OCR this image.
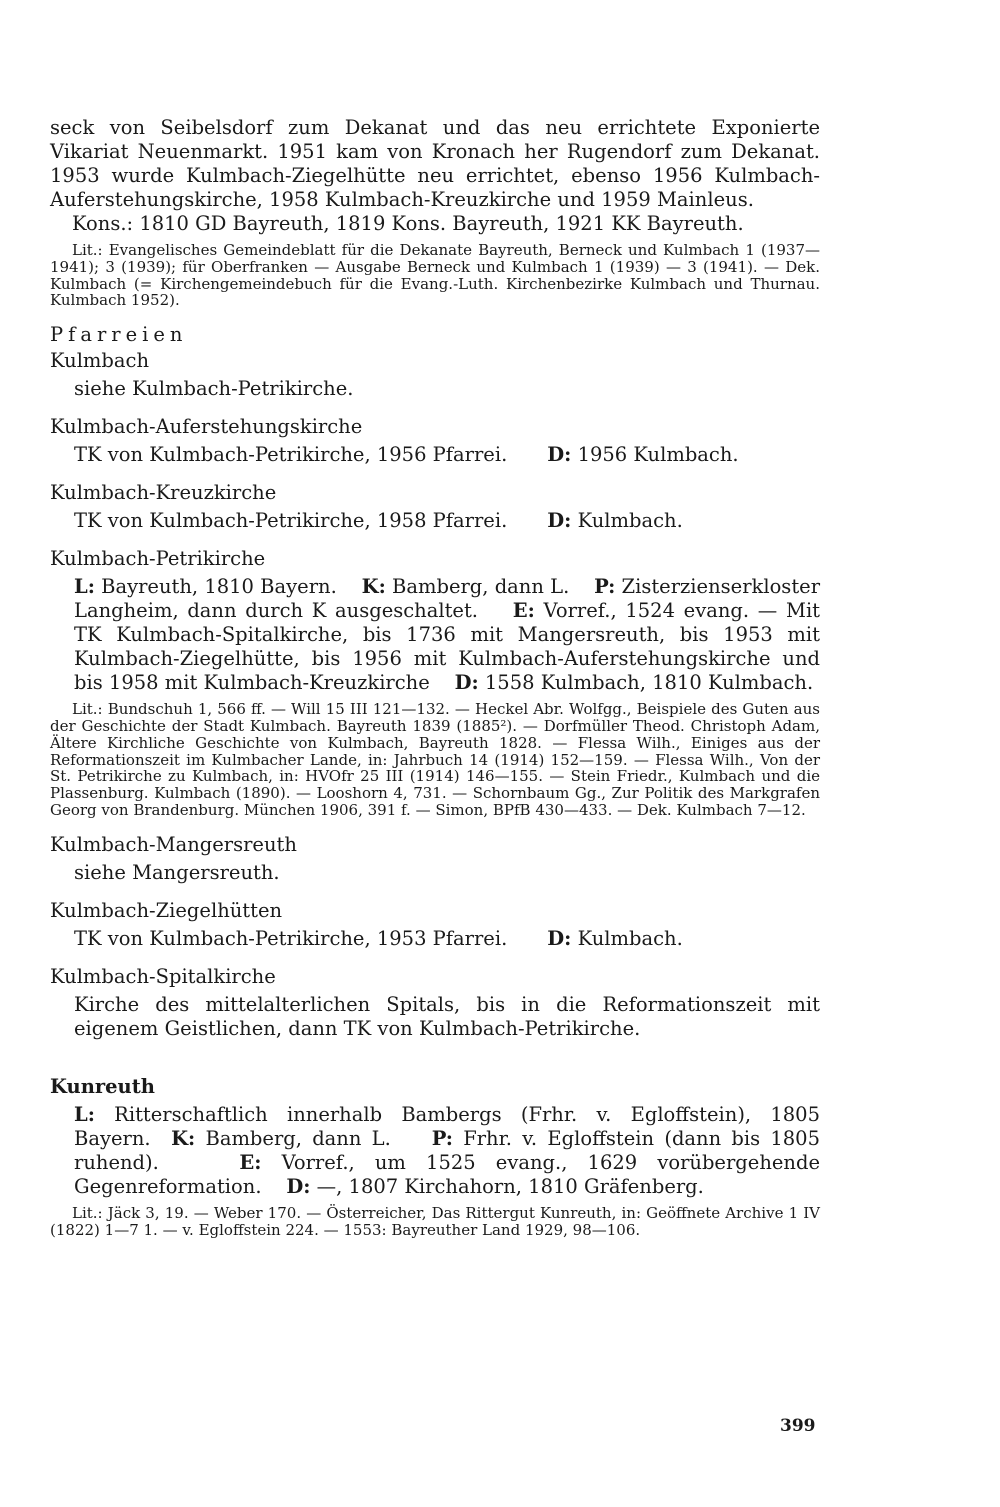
seck von Seibelsdorf zum Dekanat und das neu errichtete Exponierte Vikariat Neuenmarkt. 1951 kam von Kronach her Rugendorf zum Dekanat. 1953 wurde Kulmbach-Ziegelhütte neu errichtet, ebenso 1956 Kulmbach-Auferstehungskirche, 1958 Kulmbach-Kreuzkirche und 1959 Mainleus.

Kons.: 1810 GD Bayreuth, 1819 Kons. Bayreuth, 1921 KK Bayreuth.

Lit.: Evangelisches Gemeindeblatt für die Dekanate Bayreuth, Berneck und Kulmbach 1 (1937—1941); 3 (1939); für Oberfranken — Ausgabe Berneck und Kulmbach 1 (1939) — 3 (1941). — Dek. Kulmbach (= Kirchengemeindebuch für die Evang.-Luth. Kirchenbezirke Kulmbach und Thurnau. Kulmbach 1952).

Pfarreien

Kulmbach

siehe Kulmbach-Petrikirche.

Kulmbach-Auferstehungskirche

TK von Kulmbach-Petrikirche, 1956 Pfarrei. D: 1956 Kulmbach.

Kulmbach-Kreuzkirche

TK von Kulmbach-Petrikirche, 1958 Pfarrei. D: Kulmbach.

Kulmbach-Petrikirche

L: Bayreuth, 1810 Bayern. K: Bamberg, dann L. P: Zisterzienserkloster Langheim, dann durch K ausgeschaltet. E: Vorref., 1524 evang. — Mit TK Kulmbach-Spitalkirche, bis 1736 mit Mangersreuth, bis 1953 mit Kulmbach-Ziegelhütte, bis 1956 mit Kulmbach-Auferstehungskirche und bis 1958 mit Kulmbach-Kreuzkirche D: 1558 Kulmbach, 1810 Kulmbach.

Lit.: Bundschuh 1, 566 ff. — Will 15 III 121—132. — Heckel Abr. Wolfgg., Beispiele des Guten aus der Geschichte der Stadt Kulmbach. Bayreuth 1839 (1885²). — Dorfmüller Theod. Christoph Adam, Ältere Kirchliche Geschichte von Kulmbach, Bayreuth 1828. — Flessa Wilh., Einiges aus der Reformationszeit im Kulmbacher Lande, in: Jahrbuch 14 (1914) 152—159. — Flessa Wilh., Von der St. Petrikirche zu Kulmbach, in: HVOfr 25 III (1914) 146—155. — Stein Friedr., Kulmbach und die Plassenburg. Kulmbach (1890). — Looshorn 4, 731. — Schornbaum Gg., Zur Politik des Markgrafen Georg von Brandenburg. München 1906, 391 f. — Simon, BPfB 430—433. — Dek. Kulmbach 7—12.

Kulmbach-Mangersreuth

siehe Mangersreuth.

Kulmbach-Ziegelhütten

TK von Kulmbach-Petrikirche, 1953 Pfarrei. D: Kulmbach.

Kulmbach-Spitalkirche

Kirche des mittelalterlichen Spitals, bis in die Reformationszeit mit eigenem Geistlichen, dann TK von Kulmbach-Petrikirche.

Kunreuth

L: Ritterschaftlich innerhalb Bambergs (Frhr. v. Egloffstein), 1805 Bayern. K: Bamberg, dann L. P: Frhr. v. Egloffstein (dann bis 1805 ruhend).	E: Vorref., um 1525 evang., 1629 vorübergehende Gegenreformation. D: —, 1807 Kirchahorn, 1810 Gräfenberg.

Lit.: Jäck 3, 19. — Weber 170. — Österreicher, Das Rittergut Kunreuth, in: Geöffnete Archive 1 IV (1822) 1—7 1. — v. Egloffstein 224. — 1553: Bayreuther Land 1929, 98—106.

399
